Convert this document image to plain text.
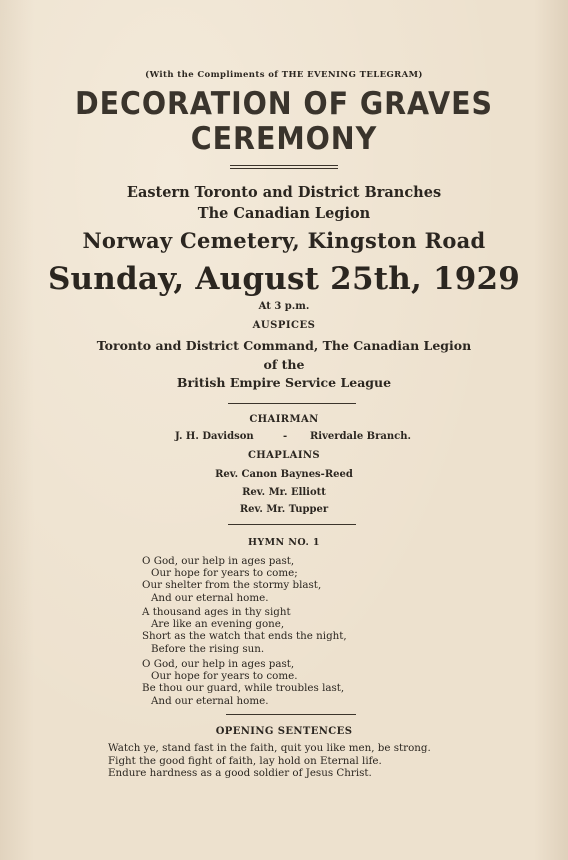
(With the Compliments of THE EVENING TELEGRAM)
DECORATION OF GRAVES
CEREMONY
Eastern Toronto and District Branches
The Canadian Legion
Norway Cemetery, Kingston Road
Sunday, August 25th, 1929
At 3 p.m.
AUSPICES
Toronto and District Command, The Canadian Legion
of the
British Empire Service League
CHAIRMAN
J. H. Davidson	- Riverdale Branch.
CHAPLAINS
Rev. Canon Baynes-Reed
Rev. Mr. Elliott
Rev. Mr. Tupper
HYMN NO. 1
O God, our help in ages past,
Our hope for years to come;
Our shelter from the stormy blast,
And our eternal home.
A thousand ages in thy sight
Are like an evening gone,
Short as the watch that ends the night,
Before the rising sun.
O God, our help in ages past,
Our hope for years to come.
Be thou our guard, while troubles last,
And our eternal home.
OPENING SENTENCES
Watch ye, stand fast in the faith, quit you like men, be strong.
Fight the good fight of faith, lay hold on Eternal life.
Endure hardness as a good soldier of Jesus Christ.
